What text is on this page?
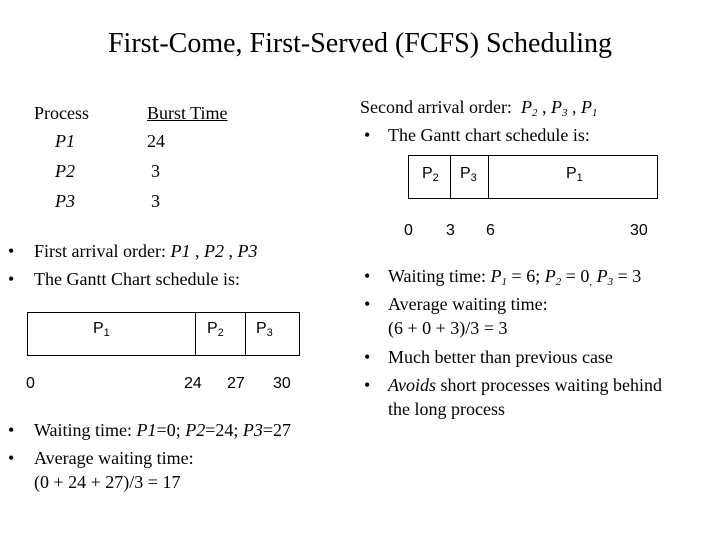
First-Come, First-Served (FCFS) Scheduling
Process	Burst Time
P1	24
P2	3
P3	3
• First arrival order: P1 , P2 , P3
• The Gantt Chart schedule is:
$P_1$	$P_2$ $P_3$
0	24 27 30
• Waiting time: P1=0; P2=24; P3=27
• Average waiting time:
(0 + 24 + 27)/3 = 17
Second arrival order:  $P_2$ , $P_3$ , $P_1$
• The Gantt chart schedule is:
$P_2$ $P_3$	$P_1$
0 3 6	30
• Waiting time: $P_1 = 6$; $P_2 = 0_,$ $P_3 = 3$
• Average waiting time:
(6 + 0 + 3)/3 = 3
• Much better than previous case
• Avoids short processes waiting behind
the long process
